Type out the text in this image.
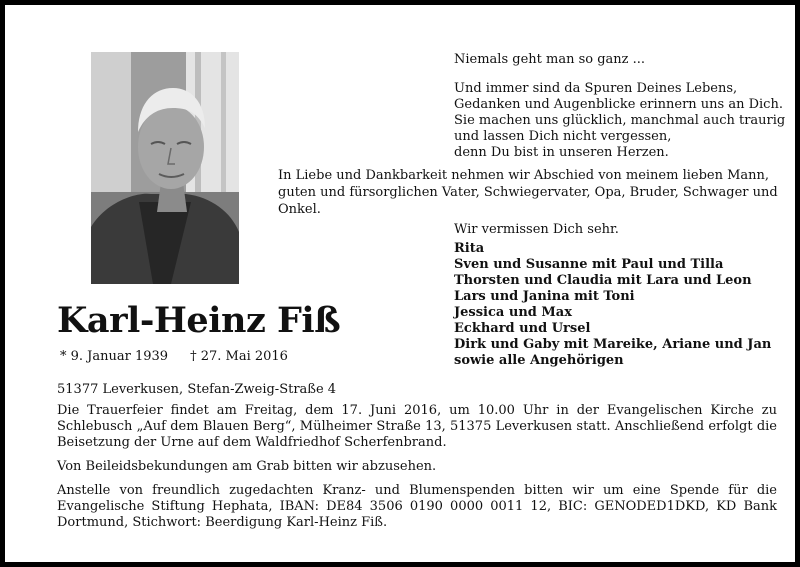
Niemals geht man so ganz ...
Und immer sind da Spuren Deines Lebens,
Gedanken und Augenblicke erinnern uns an Dich.
Sie machen uns glücklich, manchmal auch traurig
und lassen Dich nicht vergessen,
denn Du bist in unseren Herzen.
In Liebe und Dankbarkeit nehmen wir Abschied von meinem lieben Mann, guten und fürsorglichen Vater, Schwiegervater, Opa, Bruder, Schwager und Onkel.
Wir vermissen Dich sehr.
Rita
Sven und Susanne mit Paul und Tilla
Thorsten und Claudia mit Lara und Leon
Lars und Janina mit Toni
Jessica und Max
Eckhard und Ursel
Dirk und Gaby mit Mareike, Ariane und Jan
sowie alle Angehörigen
Karl-Heinz Fiß
* 9. Januar 1939 † 27. Mai 2016

51377 Leverkusen, Stefan-Zweig-Straße 4

Die Trauerfeier findet am Freitag, dem 17. Juni 2016, um 10.00 Uhr in der Evangelischen Kirche zu Schlebusch „Auf dem Blauen Berg“, Mülheimer Straße 13, 51375 Leverkusen statt. Anschließend erfolgt die Beisetzung der Urne auf dem Waldfriedhof Scherfenbrand.

Von Beileidsbekundungen am Grab bitten wir abzusehen.

Anstelle von freundlich zugedachten Kranz- und Blumenspenden bitten wir um eine Spende für die Evangelische Stiftung Hephata, IBAN: DE84 3506 0190 0000 0011 12, BIC: GENODED1DKD, KD Bank Dortmund, Stichwort: Beerdigung Karl-Heinz Fiß.
